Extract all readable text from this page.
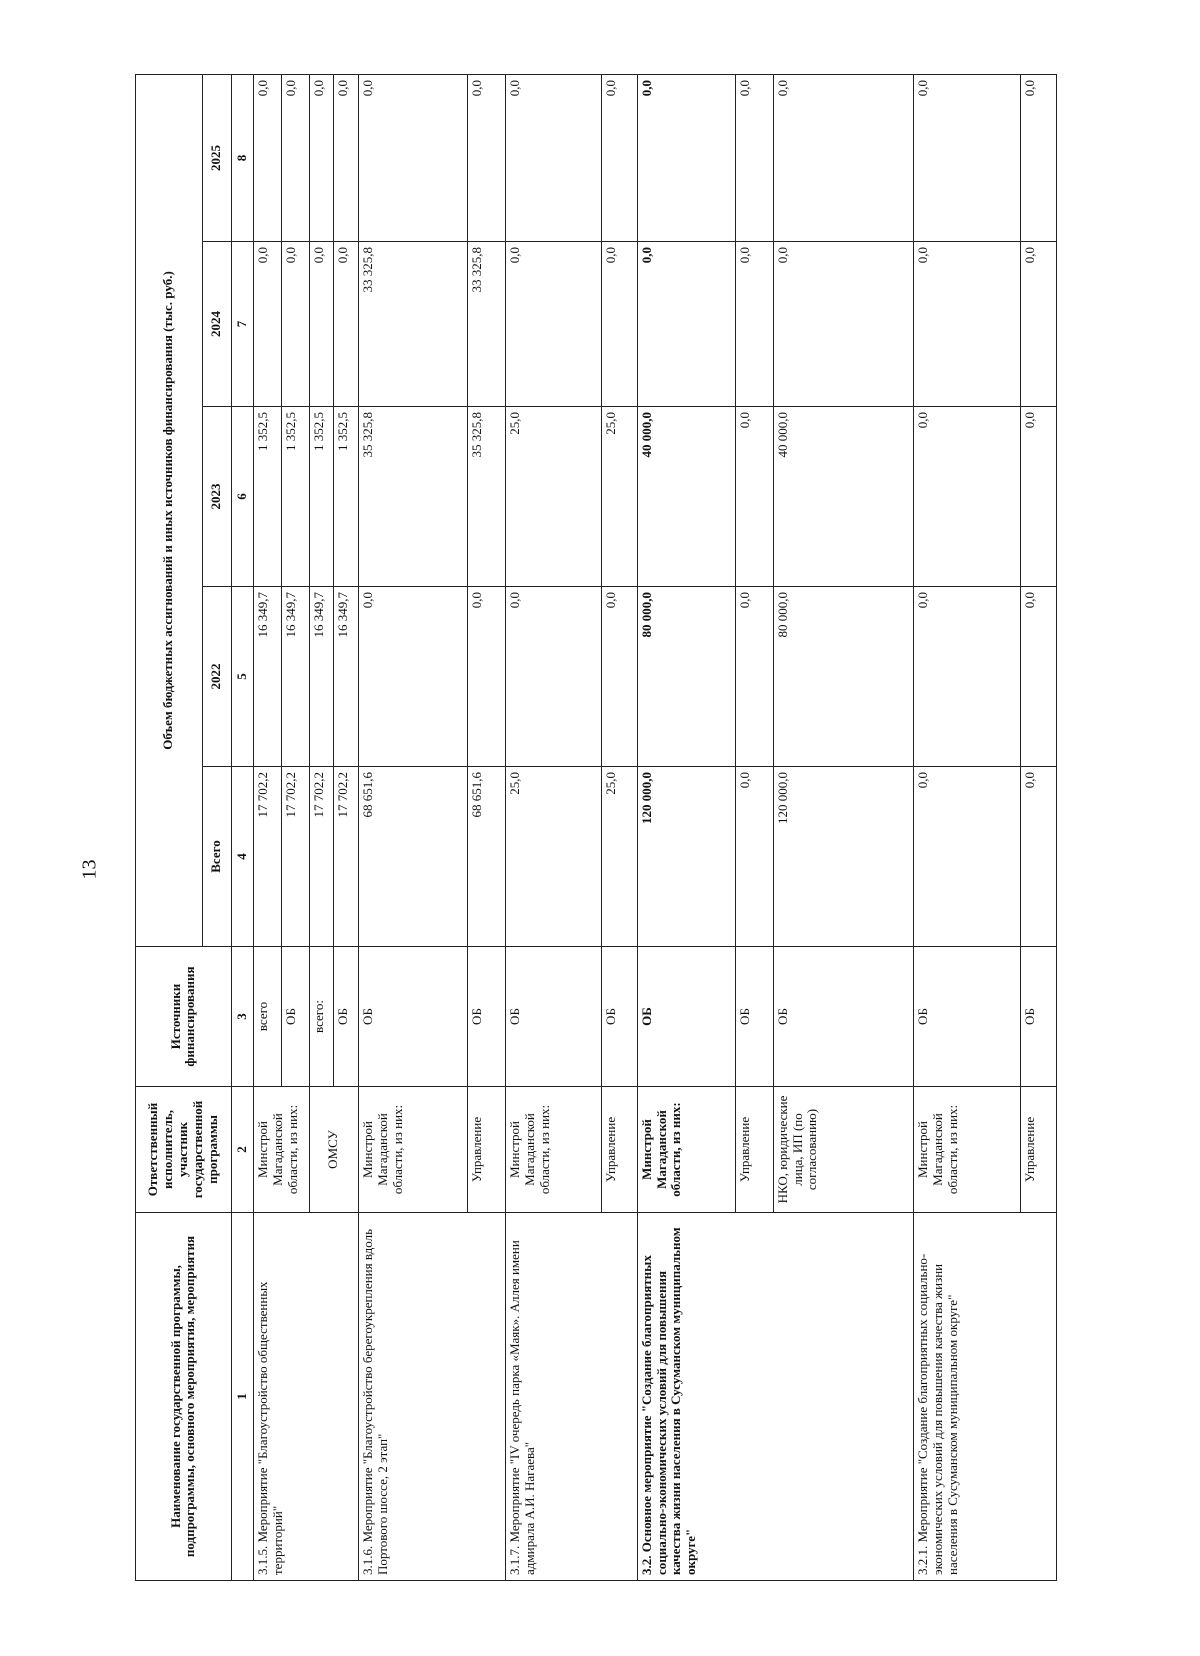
13
Наименование государственной программы, подпрограммы, основного мероприятия, мероприятия	Ответственный исполнитель, участник государственной программы	Источники финансирования	Объем бюджетных ассигнований и иных источников финансирования (тыс. руб.)				
			Всего	2022	2023	2024	2025
1	2	3	4	5	6	7	8
3.1.5. Мероприятие "Благоустройство общественных территорий"	Минстрой Магаданской области, из них:	всего	17 702,2	16 349,7	1 352,5	0,0	0,0
		ОБ	17 702,2	16 349,7	1 352,5	0,0	0,0
	ОМСУ	всего:	17 702,2	16 349,7	1 352,5	0,0	0,0
		ОБ	17 702,2	16 349,7	1 352,5	0,0	0,0
3.1.6. Мероприятие "Благоустройство берегоукрепления вдоль Портового шоссе, 2 этап"	Минстрой Магаданской области, из них:	ОБ	68 651,6	0,0	35 325,8	33 325,8	0,0
	Управление	ОБ	68 651,6	0,0	35 325,8	33 325,8	0,0
3.1.7. Мероприятие "IV очередь парка «Маяк». Аллея имени адмирала А.И. Нагаева"	Минстрой Магаданской области, из них:	ОБ	25,0	0,0	25,0	0,0	0,0
	Управление	ОБ	25,0	0,0	25,0	0,0	0,0
3.2. Основное мероприятие "Создание благоприятных социально-экономических условий для повышения качества жизни населения в Сусуманском муниципальном округе"	Минстрой Магаданской области, из них:	ОБ	120 000,0	80 000,0	40 000,0	0,0	0,0
	Управление	ОБ	0,0	0,0	0,0	0,0	0,0
	НКО, юридические лица, ИП (по согласованию)	ОБ	120 000,0	80 000,0	40 000,0	0,0	0,0
3.2.1. Мероприятие "Создание благоприятных социально-экономических условий для повышения качества жизни населения в Сусуманском муниципальном округе"	Минстрой Магаданской области, из них:	ОБ	0,0	0,0	0,0	0,0	0,0
	Управление	ОБ	0,0	0,0	0,0	0,0	0,0
